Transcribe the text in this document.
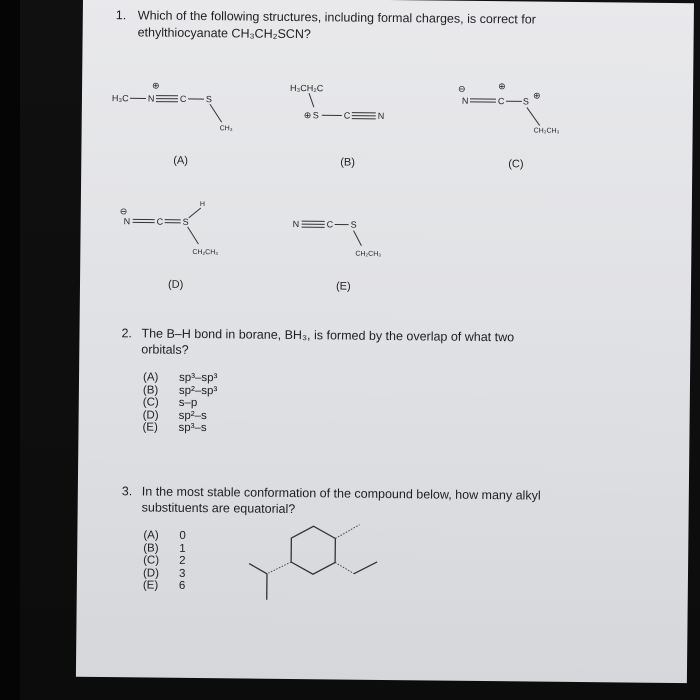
1. Which of the following structures, including formal charges, is correct for
ethylthiocyanate CH₃CH₂SCN?
⊕
H₃C N	C S
CH₃
H₃CH₂C
⊕ S	C	N
⊖	⊕
N	C S
⊕
CH₂CH₃
(A)	(B)	(C)
⊖
N	C S
H
CH₂CH₃
N	C S
CH₂CH₃
(D)	(E)
2. The B–H bond in borane, BH₃, is formed by the overlap of what two
orbitals?
(A) sp³–sp³
(B) sp²–sp³
(C) s–p
(D) sp²–s
(E) sp³–s
3. In the most stable conformation of the compound below, how many alkyl
substituents are equatorial?
(A) 0
(B) 1
(C) 2
(D) 3
(E) 6
